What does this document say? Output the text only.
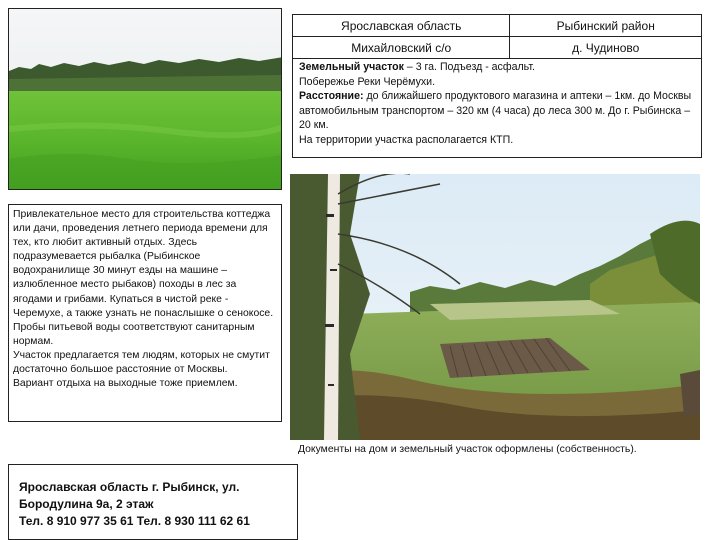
Ярославская область	Рыбинский район
Михайловский с/о	д. Чудиново

Земельный участок – 3 га. Подъезд - асфальт.

Побережье Реки Черёмухи.

Расстояние: до ближайшего продуктового магазина и аптеки – 1км. до Москвы автомобильным транспортом – 320 км (4 часа) до леса 300 м. До г. Рыбинска – 20 км.

На территории участка располагается КТП.

Привлекательное место для строительства коттеджа или дачи, проведения летнего периода времени для тех, кто любит активный отдых. Здесь подразумевается рыбалка (Рыбинское водохранилище 30 минут езды на машине – излюбленное место рыбаков) походы в лес за ягодами и грибами. Купаться в чистой реке - Черемухе, а также узнать не понаслышке о сенокосе. Пробы питьевой воды соответствуют санитарным нормам.

Участок предлагается тем людям, которых не смутит достаточно большое расстояние от Москвы.

Вариант отдыха на выходные тоже приемлем.

Документы на дом и земельный участок оформлены (собственность).
Ярославская область г. Рыбинск, ул. Бородулина 9а, 2 этаж
Тел. 8 910 977 35 61 Тел. 8 930 111 62 61
